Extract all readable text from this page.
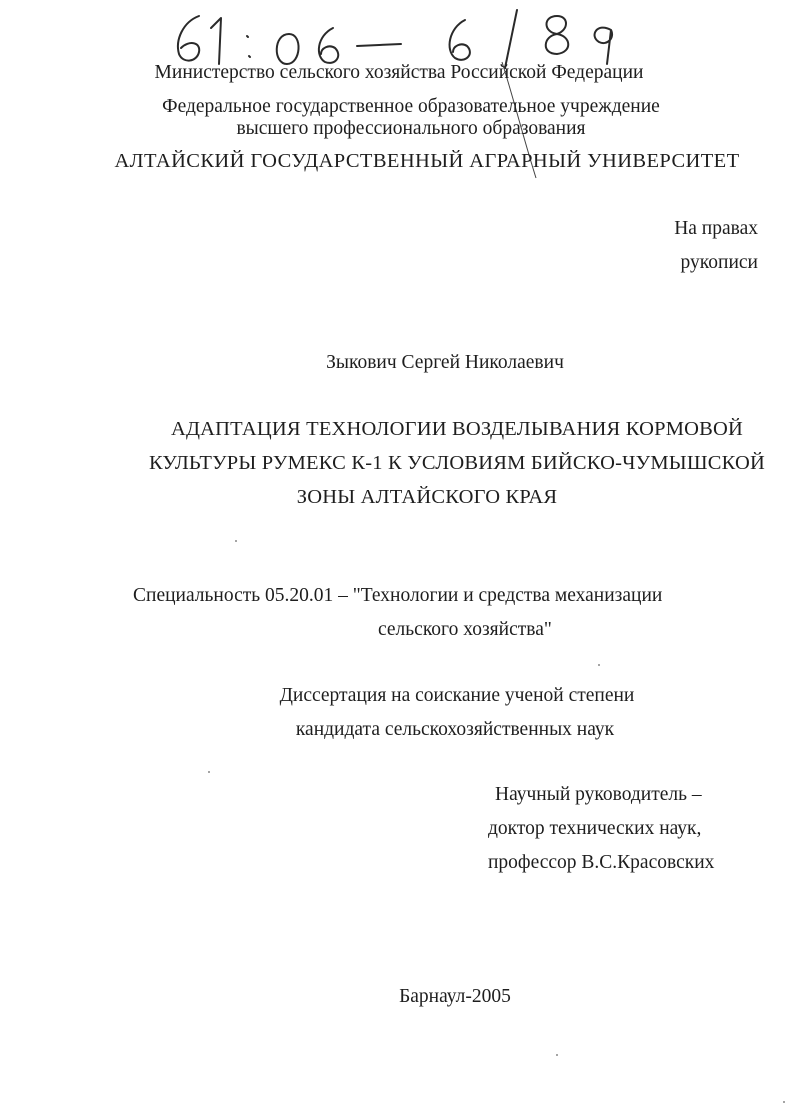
Министерство сельского хозяйства Российской Федерации
Федеральное государственное образовательное учреждение
высшего профессионального образования
АЛТАЙСКИЙ ГОСУДАРСТВЕННЫЙ АГРАРНЫЙ УНИВЕРСИТЕТ
На правах
рукописи
Зыкович Сергей Николаевич
АДАПТАЦИЯ ТЕХНОЛОГИИ ВОЗДЕЛЫВАНИЯ КОРМОВОЙ
КУЛЬТУРЫ РУМЕКС К-1 К УСЛОВИЯМ БИЙСКО-ЧУМЫШСКОЙ
ЗОНЫ АЛТАЙСКОГО КРАЯ
Специальность 05.20.01 – "Технологии и средства механизации
сельского хозяйства"
Диссертация на соискание ученой степени
кандидата сельскохозяйственных наук
Научный руководитель –
доктор технических наук,
профессор В.С.Красовских
Барнаул-2005
